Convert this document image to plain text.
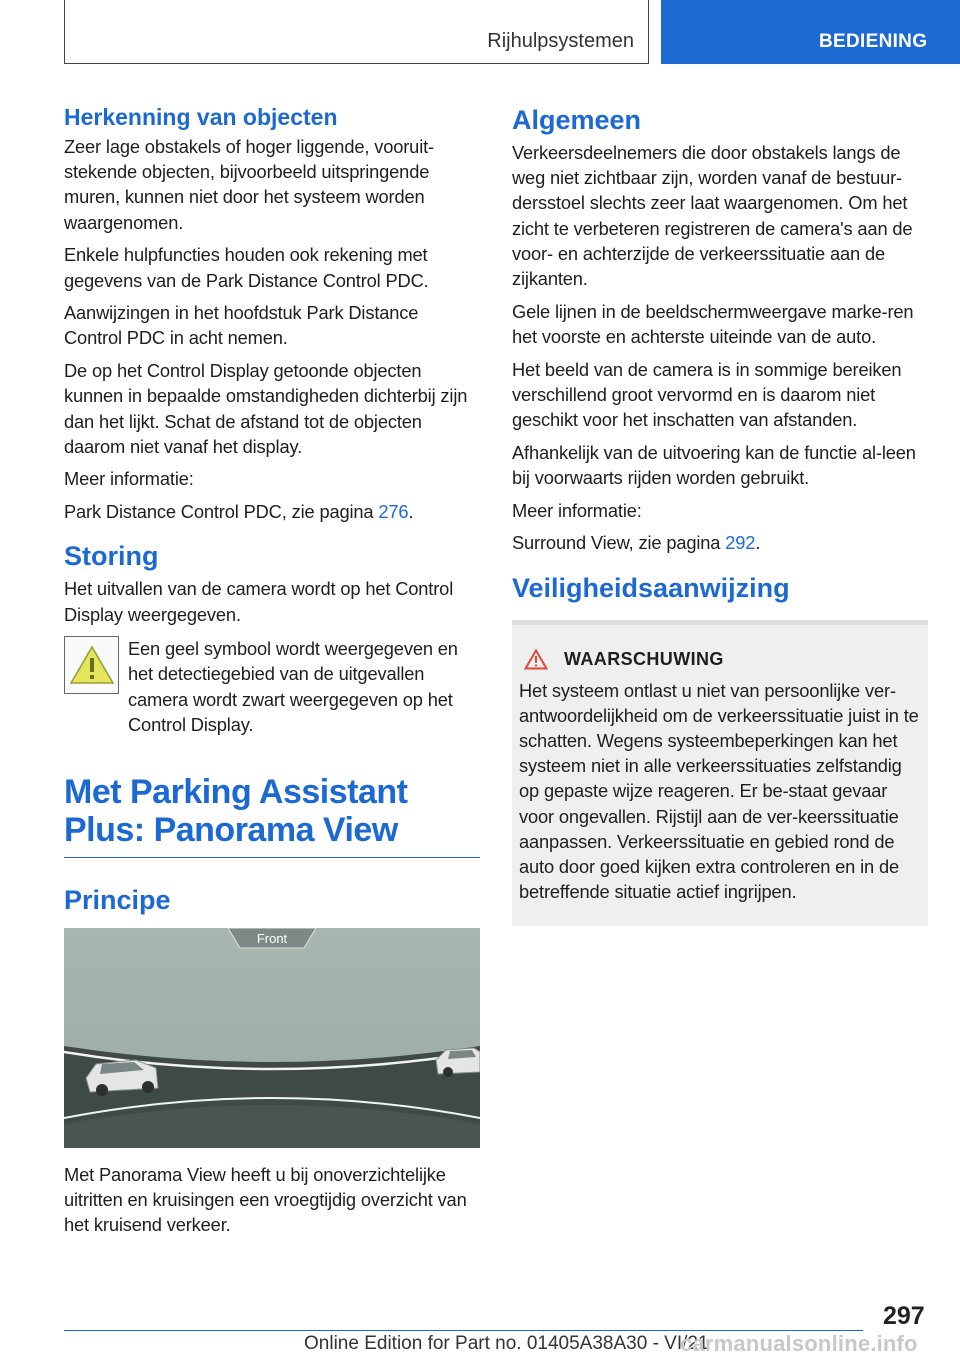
Rijhulpsystemen	BEDIENING
Herkenning van objecten

Zeer lage obstakels of hoger liggende, vooruit-stekende objecten, bijvoorbeeld uitspringende muren, kunnen niet door het systeem worden waargenomen.

Enkele hulpfuncties houden ook rekening met gegevens van de Park Distance Control PDC.

Aanwijzingen in het hoofdstuk Park Distance Control PDC in acht nemen.

De op het Control Display getoonde objecten kunnen in bepaalde omstandigheden dichterbij zijn dan het lijkt. Schat de afstand tot de objecten daarom niet vanaf het display.

Meer informatie:

Park Distance Control PDC, zie pagina 276.

Storing

Het uitvallen van de camera wordt op het Control Display weergegeven.

Een geel symbool wordt weergegeven en het detectiegebied van de uitgevallen camera wordt zwart weergegeven op het Control Display.

Met Parking Assistant Plus: Panorama View
Principe
Front

Met Panorama View heeft u bij onoverzichtelijke uitritten en kruisingen een vroegtijdig overzicht van het kruisend verkeer.

Algemeen

Verkeersdeelnemers die door obstakels langs de weg niet zichtbaar zijn, worden vanaf de bestuur-dersstoel slechts zeer laat waargenomen. Om het zicht te verbeteren registreren de camera's aan de voor- en achterzijde de verkeerssituatie aan de zijkanten.

Gele lijnen in de beeldschermweergave marke-ren het voorste en achterste uiteinde van de auto.

Het beeld van de camera is in sommige bereiken verschillend groot vervormd en is daarom niet geschikt voor het inschatten van afstanden.

Afhankelijk van de uitvoering kan de functie al-leen bij voorwaarts rijden worden gebruikt.

Meer informatie:

Surround View, zie pagina 292.

Veiligheidsaanwijzing
WAARSCHUWING

Het systeem ontlast u niet van persoonlijke ver-antwoordelijkheid om de verkeerssituatie juist in te schatten. Wegens systeembeperkingen kan het systeem niet in alle verkeerssituaties zelfstandig op gepaste wijze reageren. Er be-staat gevaar voor ongevallen. Rijstijl aan de ver-keerssituatie aanpassen. Verkeerssituatie en gebied rond de auto door goed kijken extra controleren en in de betreffende situatie actief ingrijpen.

297
Online Edition for Part no. 01405A38A30 - VI/21
carmanualsonline.info
